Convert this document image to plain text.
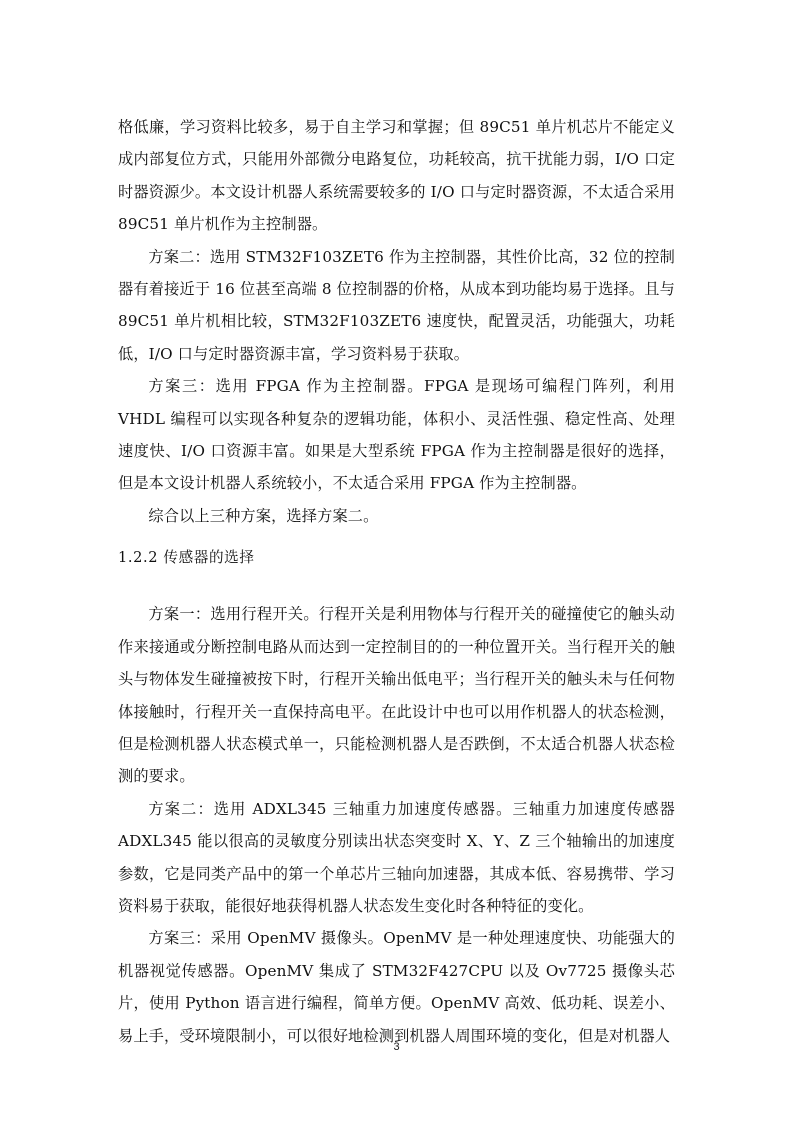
格低廉，学习资料比较多，易于自主学习和掌握；但 89C51 单片机芯片不能定义成内部复位方式，只能用外部微分电路复位，功耗较高，抗干扰能力弱，I/O 口定时器资源少。本文设计机器人系统需要较多的 I/O 口与定时器资源，不太适合采用 89C51 单片机作为主控制器。

方案二：选用 STM32F103ZET6 作为主控制器，其性价比高，32 位的控制器有着接近于 16 位甚至高端 8 位控制器的价格，从成本到功能均易于选择。且与 89C51 单片机相比较，STM32F103ZET6 速度快，配置灵活，功能强大，功耗低，I/O 口与定时器资源丰富，学习资料易于获取。

方案三：选用 FPGA 作为主控制器。FPGA 是现场可编程门阵列，利用 VHDL 编程可以实现各种复杂的逻辑功能，体积小、灵活性强、稳定性高、处理速度快、I/O 口资源丰富。如果是大型系统 FPGA 作为主控制器是很好的选择，但是本文设计机器人系统较小，不太适合采用 FPGA 作为主控制器。

综合以上三种方案，选择方案二。

1.2.2 传感器的选择

方案一：选用行程开关。行程开关是利用物体与行程开关的碰撞使它的触头动作来接通或分断控制电路从而达到一定控制目的的一种位置开关。当行程开关的触头与物体发生碰撞被按下时，行程开关输出低电平；当行程开关的触头未与任何物体接触时，行程开关一直保持高电平。在此设计中也可以用作机器人的状态检测，但是检测机器人状态模式单一，只能检测机器人是否跌倒，不太适合机器人状态检测的要求。

方案二：选用 ADXL345 三轴重力加速度传感器。三轴重力加速度传感器 ADXL345 能以很高的灵敏度分别读出状态突变时 X、Y、Z 三个轴输出的加速度参数，它是同类产品中的第一个单芯片三轴向加速器，其成本低、容易携带、学习资料易于获取，能很好地获得机器人状态发生变化时各种特征的变化。

方案三：采用 OpenMV 摄像头。OpenMV 是一种处理速度快、功能强大的机器视觉传感器。OpenMV 集成了 STM32F427CPU 以及 Ov7725 摄像头芯片，使用 Python 语言进行编程，简单方便。OpenMV 高效、低功耗、误差小、易上手，受环境限制小，可以很好地检测到机器人周围环境的变化，但是对机器人

3
